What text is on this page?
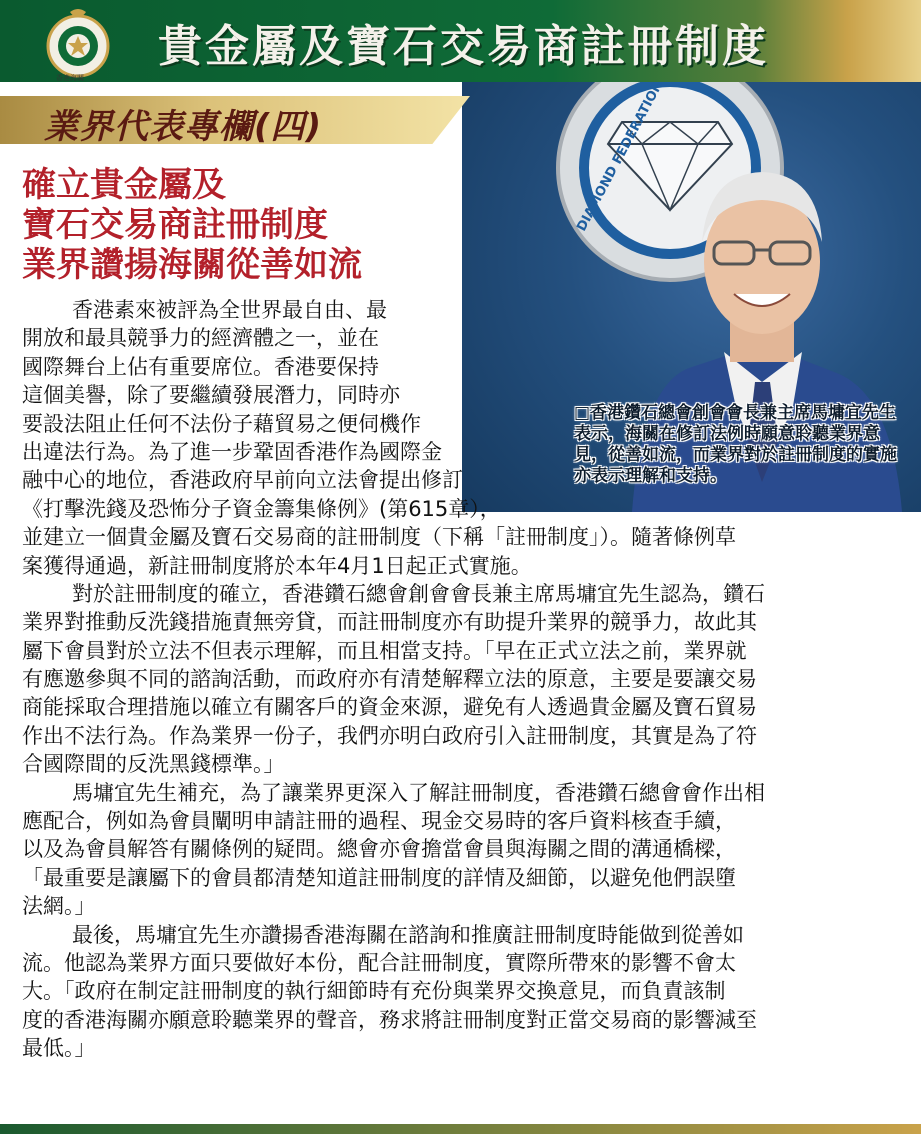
香港海關
貴金屬及寶石交易商註冊制度
DIAMOND FEDERATION
□香港鑽石總會創會會長兼主席馬墉宜先生表示，海關在修訂法例時願意聆聽業界意見，從善如流，而業界對於註冊制度的實施亦表示理解和支持。
業界代表專欄(四)
確立貴金屬及
寶石交易商註冊制度
業界讚揚海關從善如流
香港素來被評為全世界最自由、最
開放和最具競爭力的經濟體之一，並在
國際舞台上佔有重要席位。香港要保持
這個美譽，除了要繼續發展潛力，同時亦
要設法阻止任何不法份子藉貿易之便伺機作
出違法行為。為了進一步鞏固香港作為國際金
融中心的地位，香港政府早前向立法會提出修訂
《打擊洗錢及恐怖分子資金籌集條例》(第615章），
並建立一個貴金屬及寶石交易商的註冊制度（下稱「註冊制度」）。隨著條例草
案獲得通過，新註冊制度將於本年4月1日起正式實施。
對於註冊制度的確立，香港鑽石總會創會會長兼主席馬墉宜先生認為，鑽石
業界對推動反洗錢措施責無旁貸，而註冊制度亦有助提升業界的競爭力，故此其
屬下會員對於立法不但表示理解，而且相當支持。「早在正式立法之前，業界就
有應邀參與不同的諮詢活動，而政府亦有清楚解釋立法的原意，主要是要讓交易
商能採取合理措施以確立有關客戶的資金來源，避免有人透過貴金屬及寶石貿易
作出不法行為。作為業界一份子，我們亦明白政府引入註冊制度，其實是為了符
合國際間的反洗黑錢標準。」
馬墉宜先生補充，為了讓業界更深入了解註冊制度，香港鑽石總會會作出相
應配合，例如為會員闡明申請註冊的過程、現金交易時的客戶資料核查手續，
以及為會員解答有關條例的疑問。總會亦會擔當會員與海關之間的溝通橋樑，
「最重要是讓屬下的會員都清楚知道註冊制度的詳情及細節，以避免他們誤墮
法網。」
最後，馬墉宜先生亦讚揚香港海關在諮詢和推廣註冊制度時能做到從善如
流。他認為業界方面只要做好本份，配合註冊制度，實際所帶來的影響不會太
大。「政府在制定註冊制度的執行細節時有充份與業界交換意見，而負責該制
度的香港海關亦願意聆聽業界的聲音，務求將註冊制度對正當交易商的影響減至
最低。」
